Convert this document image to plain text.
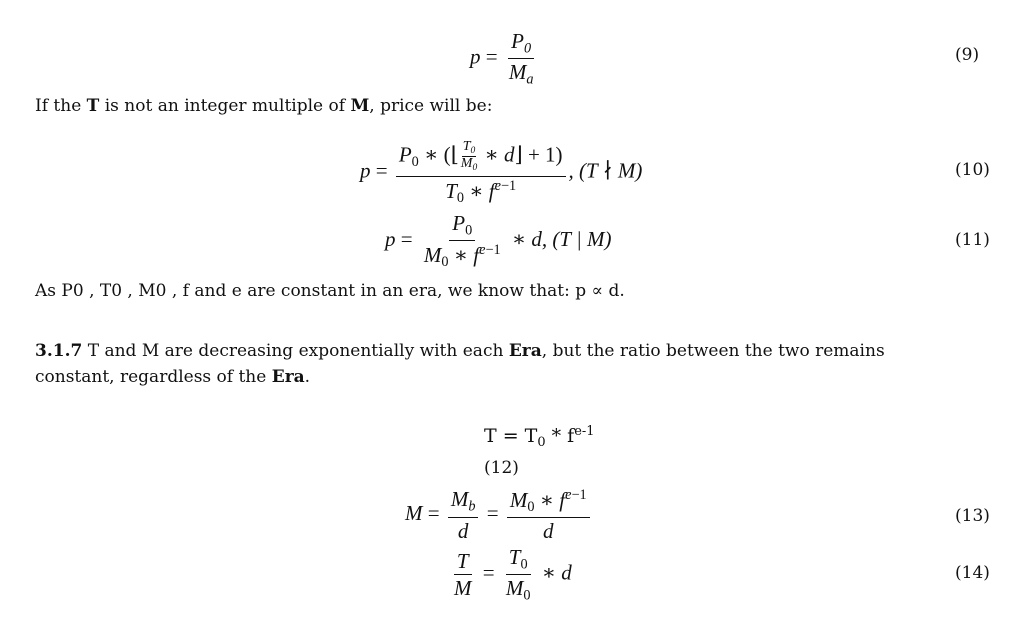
$p = \frac{P_0}{M_a}$	(9)
If the T is not an integer multiple of M, price will be:
$p = \frac{P_0 ∗ (⌊ \frac{T_0}{M_0} ∗ d⌋ + 1)}{T_0 ∗ f^{e-1}}$ , (T ∤ M)	(10)
$p = \frac{P_0}{M_0 ∗ f^{e-1}}$ ∗ d, (T | M)	(11)
As P0 , T0 , M0 , f and e are constant in an era, we know that: p ∝ d.
3.1.7 T and M are decreasing exponentially with each Era, but the ratio between the two remains
constant, regardless of the Era.
$T = T_0 * f^{e-1}$
(12)
$M = \frac{M_b}{d} = \frac{M_0 ∗ f^{e-1}}{d}$	(13)
$\frac{T}{M} = \frac{T_0}{M_0}$ ∗ d	(14)
